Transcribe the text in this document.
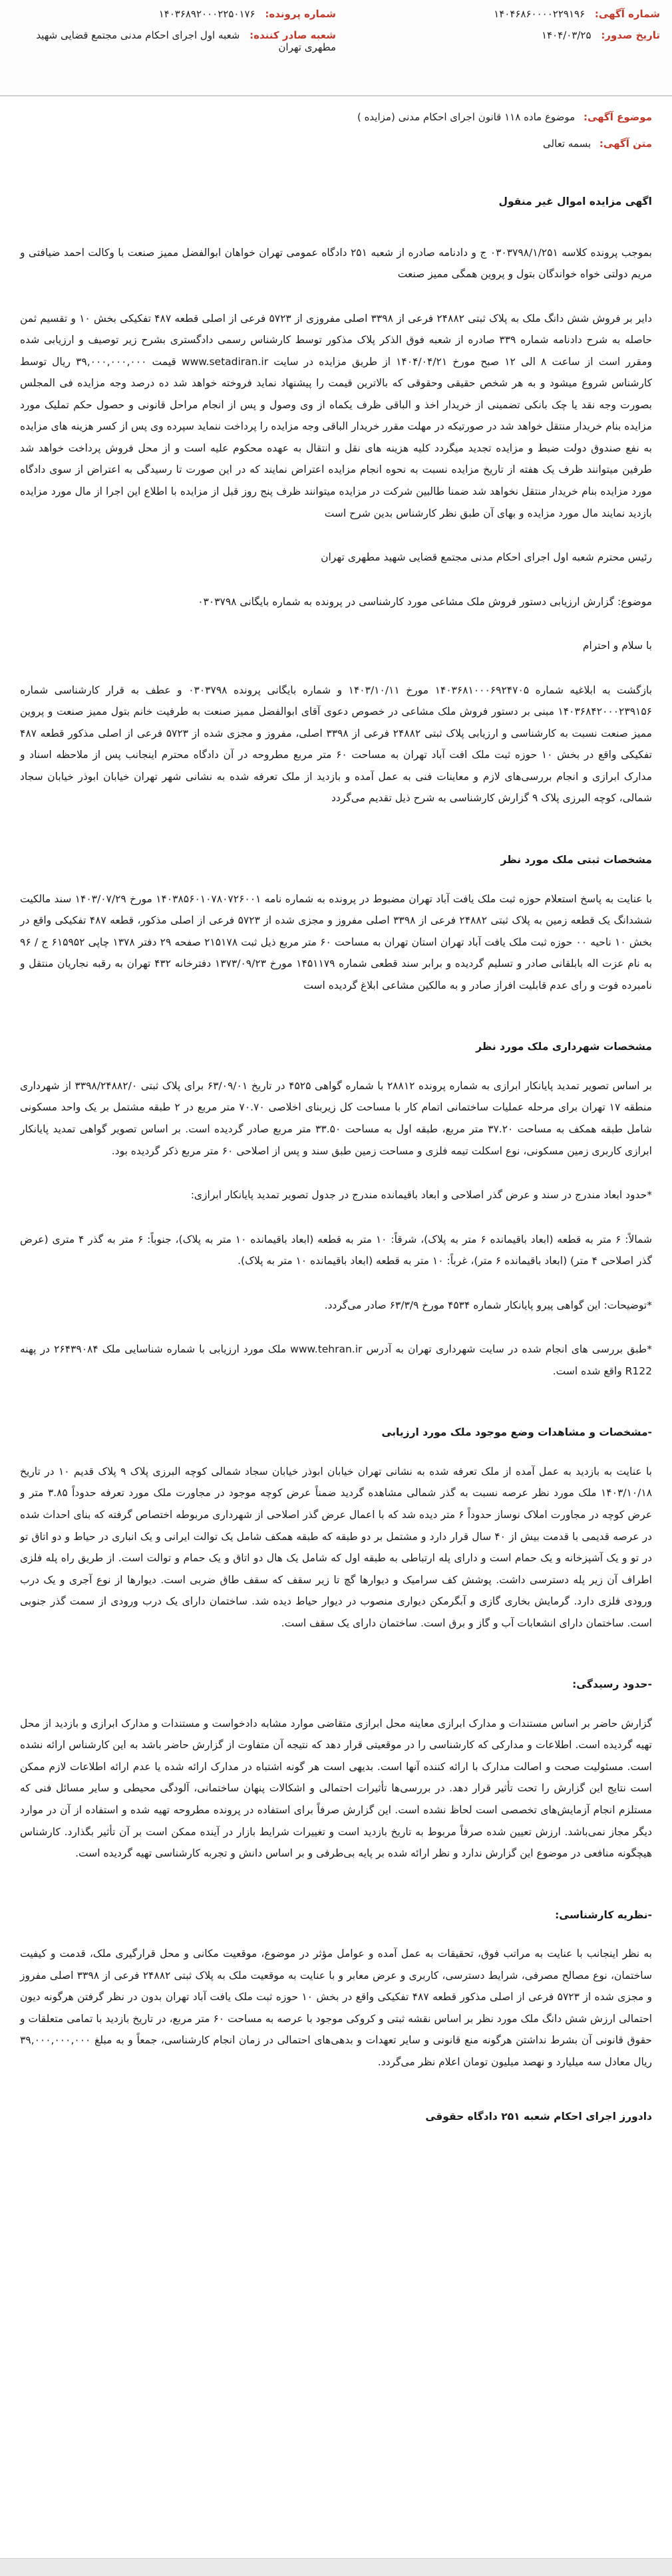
شماره آگهی: ۱۴۰۴۶۸۶۰۰۰۰۲۲۹۱۹۶
تاریخ صدور: ۱۴۰۴/۰۳/۲۵
شماره پرونده: ۱۴۰۳۶۸۹۲۰۰۰۲۲۵۰۱۷۶
شعبه صادر کننده: شعبه اول اجرای احکام مدنی مجتمع قضایی شهید مطهری تهران
موضوع آگهی: موضوع ماده ۱۱۸ قانون اجرای احکام مدنی (مزایده )
متن آگهی: بسمه تعالی
اگهی مزایده اموال غیر منقول

بموجب پرونده کلاسه ۰۳۰۳۷۹۸/۱/۲۵۱ ج و دادنامه صادره از شعبه ۲۵۱ دادگاه عمومی تهران خواهان ابوالفضل ممیز صنعت با وکالت احمد ضیافتی و مریم دولتی خواه خواندگان بتول و پروین همگی ممیز صنعت

دایر بر فروش شش دانگ ملک به پلاک ثبتی ۲۴۸۸۲ فرعی از ۳۳۹۸ اصلی مفروزی از ۵۷۲۳ فرعی از اصلی قطعه ۴۸۷ تفکیکی بخش ۱۰ و تقسیم ثمن حاصله به شرح دادنامه شماره ۳۳۹ صادره از شعبه فوق الذکر پلاک مذکور توسط کارشناس رسمی دادگستری بشرح زیر توصیف و ارزیابی شده ومقرر است از ساعت ۸ الی ۱۲ صبح مورخ ۱۴۰۴/۰۴/۲۱ از طریق مزایده در سایت www.setadiran.ir قیمت ۳۹,۰۰۰,۰۰۰,۰۰۰ ریال توسط کارشناس شروع میشود و به هر شخص حقیقی وحقوقی که بالاترین قیمت را پیشنهاد نماید فروخته خواهد شد ده درصد وجه مزایده فی المجلس بصورت وجه نقد یا چک بانکی تضمینی از خریدار اخذ و الباقی ظرف یکماه از وی وصول و پس از انجام مراحل قانونی و حصول حکم تملیک مورد مزایده بنام خریدار منتقل خواهد شد در صورتیکه در مهلت مقرر خریدار الباقی وجه مزایده را پرداخت ننماید سپرده وی پس از کسر هزینه های مزایده به نفع صندوق دولت ضبط و مزایده تجدید میگردد کلیه هزینه های نقل و انتقال به عهده محکوم علیه است و از محل فروش پرداخت خواهد شد طرفین میتوانند ظرف یک هفته از تاریخ مزایده نسبت به نحوه انجام مزایده اعتراض نمایند که در این صورت تا رسیدگی به اعتراض از سوی دادگاه مورد مزایده بنام خریدار منتقل نخواهد شد ضمنا طالبین شرکت در مزایده میتوانند ظرف پنج روز قبل از مزایده با اطلاع این اجرا از مال مورد مزایده بازدید نمایند مال مورد مزایده و بهای آن طبق نظر کارشناس بدین شرح است

رئیس محترم شعبه اول اجرای احکام مدنی مجتمع قضایی شهید مطهری تهران

موضوع: گزارش ارزیابی دستور فروش ملک مشاعی مورد کارشناسی در پرونده به شماره بایگانی ۰۳۰۳۷۹۸

با سلام و احترام

بازگشت به ابلاغیه شماره ۱۴۰۳۶۸۱۰۰۰۶۹۲۴۷۰۵ مورخ ۱۴۰۳/۱۰/۱۱ و شماره بایگانی پرونده ۰۳۰۳۷۹۸ و عطف به قرار کارشناسی شماره ۱۴۰۳۶۸۴۲۰۰۰۲۳۹۱۵۶ مبنی بر دستور فروش ملک مشاعی در خصوص دعوی آقای ابوالفضل ممیز صنعت به طرفیت خانم بتول ممیز صنعت و پروین ممیز صنعت نسبت به کارشناسی و ارزیابی پلاک ثبتی ۲۴۸۸۲ فرعی از ۳۳۹۸ اصلی، مفروز و مجزی شده از ۵۷۲۳ فرعی از اصلی مذکور قطعه ۴۸۷ تفکیکی واقع در بخش ۱۰ حوزه ثبت ملک افت آباد تهران به مساحت ۶۰ متر مربع مطروحه در آن دادگاه محترم اینجانب پس از ملاحظه اسناد و مدارک ابرازی و انجام بررسی‌های لازم و معاینات فنی به عمل آمده و بازدید از ملک تعرفه شده به نشانی شهر تهران خیابان ابوذر خیابان سجاد شمالی، کوچه البرزی پلاک ۹ گزارش کارشناسی به شرح ذیل تقدیم می‌گردد

مشخصات ثبتی ملک مورد نظر

با عنایت به پاسخ استعلام حوزه ثبت ملک یافت آباد تهران مضبوط در پرونده به شماره نامه ۱۴۰۳۸۵۶۰۱۰۷۸۰۷۲۶۰۰۱ مورخ ۱۴۰۳/۰۷/۲۹ سند مالکیت ششدانگ یک قطعه زمین به پلاک ثبتی ۲۴۸۸۲ فرعی از ۳۳۹۸ اصلی مفروز و مجزی شده از ۵۷۲۳ فرعی از اصلی مذکور، قطعه ۴۸۷ تفکیکی واقع در بخش ۱۰ ناحیه ۰۰ حوزه ثبت ملک یافت آباد تهران استان تهران به مساحت ۶۰ متر مربع ذیل ثبت ۲۱۵۱۷۸ صفحه ۲۹ دفتر ۱۳۷۸ چاپی ۶۱۵۹۵۲ ج / ۹۶ به نام عزت اله بابلقانی صادر و تسلیم گردیده و برابر سند قطعی شماره ۱۴۵۱۱۷۹ مورخ ۱۳۷۳/۰۹/۲۳ دفترخانه ۴۳۲ تهران به رقبه نجاریان منتقل و نامبرده فوت و رای عدم قابلیت افراز صادر و به مالکین مشاعی ابلاغ گردیده است

مشخصات شهرداری ملک مورد نظر

بر اساس تصویر تمدید پایانکار ابرازی به شماره پرونده ۲۸۸۱۲ با شماره گواهی ۴۵۲۵ در تاریخ ۶۳/۰۹/۰۱ برای پلاک ثبتی ۳۳۹۸/۲۴۸۸۲/۰ از شهرداری منطقه ۱۷ تهران برای مرحله عملیات ساختمانی اتمام کار با مساحت کل زیربنای اخلاصی ۷۰.۷۰ متر مربع در ۲ طبقه مشتمل بر یک واحد مسکونی شامل طبقه همکف به مساحت ۳۷.۲۰ متر مربع، طبقه اول به مساحت ۳۳.۵۰ متر مربع صادر گردیده است. بر اساس تصویر گواهی تمدید پایانکار ابرازی کاربری زمین مسکونی، نوع اسکلت تیمه فلزی و مساحت زمین طبق سند و پس از اصلاحی ۶۰ متر مربع ذکر گردیده بود.

*حدود ابعاد مندرج در سند و عرض گذر اصلاحی و ابعاد باقیمانده مندرج در جدول تصویر تمدید پایانکار ابرازی:

شمالاً: ۶ متر به قطعه (ابعاد باقیمانده ۶ متر به پلاک)، شرقاً: ۱۰ متر به قطعه (ابعاد باقیمانده ۱۰ متر به پلاک)، جنوباً: ۶ متر به گذر ۴ متری (عرض گذر اصلاحی ۴ متر) (ابعاد باقیمانده ۶ متر)، غرباً: ۱۰ متر به قطعه (ابعاد باقیمانده ۱۰ متر به پلاک).

*توضیحات: این گواهی پیرو پایانکار شماره ۴۵۳۴ مورخ ۶۳/۳/۹ صادر می‌گردد.

*طبق بررسی های انجام شده در سایت شهرداری تهران به آدرس www.tehran.ir ملک مورد ارزیابی با شماره شناسایی ملک ۲۶۴۳۹۰۸۴ در پهنه R122 واقع شده است.

-مشخصات و مشاهدات وضع موجود ملک مورد ارزیابی

با عنایت به بازدید به عمل آمده از ملک تعرفه شده به نشانی تهران خیابان ابوذر خیابان سجاد شمالی کوچه البرزی پلاک ۹ پلاک قدیم ۱۰ در تاریخ ۱۴۰۳/۱۰/۱۸ ملک مورد نظر عرصه نسبت به گذر شمالی مشاهده گردید ضمناً عرض کوچه موجود در مجاورت ملک مورد تعرفه حدوداً ۳.۸۵ متر و عرض کوچه در مجاورت املاک نوساز حدوداً ۶ متر دیده شد که با اعمال عرض گذر اصلاحی از شهرداری مربوطه اختصاص گرفته که بنای احداث شده در عرصه قدیمی با قدمت بیش از ۴۰ سال قرار دارد و مشتمل بر دو طبقه که طبقه همکف شامل یک توالت ایرانی و یک انباری در حیاط و دو اتاق تو در تو و یک آشپزخانه و یک حمام است و دارای پله ارتباطی به طبقه اول که شامل یک هال دو اتاق و یک حمام و توالت است. از طریق راه پله فلزی اطراف آن زیر پله دسترسی داشت. پوشش کف سرامیک و دیوارها گچ تا زیر سقف که سقف طاق ضربی است. دیوارها از نوع آجری و یک درب ورودی فلزی دارد. گرمایش بخاری گازی و آبگرمکن دیواری منصوب در دیوار حیاط دیده شد. ساختمان دارای یک درب ورودی از سمت گذر جنوبی است. ساختمان دارای انشعابات آب و گاز و برق است. ساختمان دارای یک سقف است.

-حدود رسیدگی:

گزارش حاضر بر اساس مستندات و مدارک ابرازی معاینه محل ابرازی متقاضی موارد مشابه دادخواست و مستندات و مدارک ابرازی و بازدید از محل تهیه گردیده است. اطلاعات و مدارکی که کارشناسی را در موقعیتی قرار دهد که نتیجه آن متفاوت از گزارش حاضر باشد به این کارشناس ارائه نشده است. مسئولیت صحت و اصالت مدارک با ارائه کننده آنها است. بدیهی است هر گونه اشتباه در مدارک ارائه شده یا عدم ارائه اطلاعات لازم ممکن است نتایج این گزارش را تحت تأثیر قرار دهد. در بررسی‌ها تأثیرات احتمالی و اشکالات پنهان ساختمانی، آلودگی محیطی و سایر مسائل فنی که مستلزم انجام آزمایش‌های تخصصی است لحاظ نشده است. این گزارش صرفاً برای استفاده در پرونده مطروحه تهیه شده و استفاده از آن در موارد دیگر مجاز نمی‌باشد. ارزش تعیین شده صرفاً مربوط به تاریخ بازدید است و تغییرات شرایط بازار در آینده ممکن است بر آن تأثیر بگذارد. کارشناس هیچگونه منافعی در موضوع این گزارش ندارد و نظر ارائه شده بر پایه بی‌طرفی و بر اساس دانش و تجربه کارشناسی تهیه گردیده است.

-نظریه کارشناسی:

به نظر اینجانب با عنایت به مراتب فوق، تحقیقات به عمل آمده و عوامل مؤثر در موضوع، موقعیت مکانی و محل قرارگیری ملک، قدمت و کیفیت ساختمان، نوع مصالح مصرفی، شرایط دسترسی، کاربری و عرض معابر و با عنایت به موقعیت ملک به پلاک ثبتی ۲۴۸۸۲ فرعی از ۳۳۹۸ اصلی مفروز و مجزی شده از ۵۷۲۳ فرعی از اصلی مذکور قطعه ۴۸۷ تفکیکی واقع در بخش ۱۰ حوزه ثبت ملک یافت آباد تهران بدون در نظر گرفتن هرگونه دیون احتمالی ارزش شش دانگ ملک مورد نظر بر اساس نقشه ثبتی و کروکی موجود با عرصه به مساحت ۶۰ متر مربع، در تاریخ بازدید با تمامی متعلقات و حقوق قانونی آن بشرط نداشتن هرگونه منع قانونی و سایر تعهدات و بدهی‌های احتمالی در زمان انجام کارشناسی، جمعاً و به مبلغ ۳۹,۰۰۰,۰۰۰,۰۰۰ ریال معادل سه میلیارد و نهصد میلیون تومان اعلام نظر می‌گردد.

دادورز اجرای احکام شعبه ۲۵۱ دادگاه حقوقی
